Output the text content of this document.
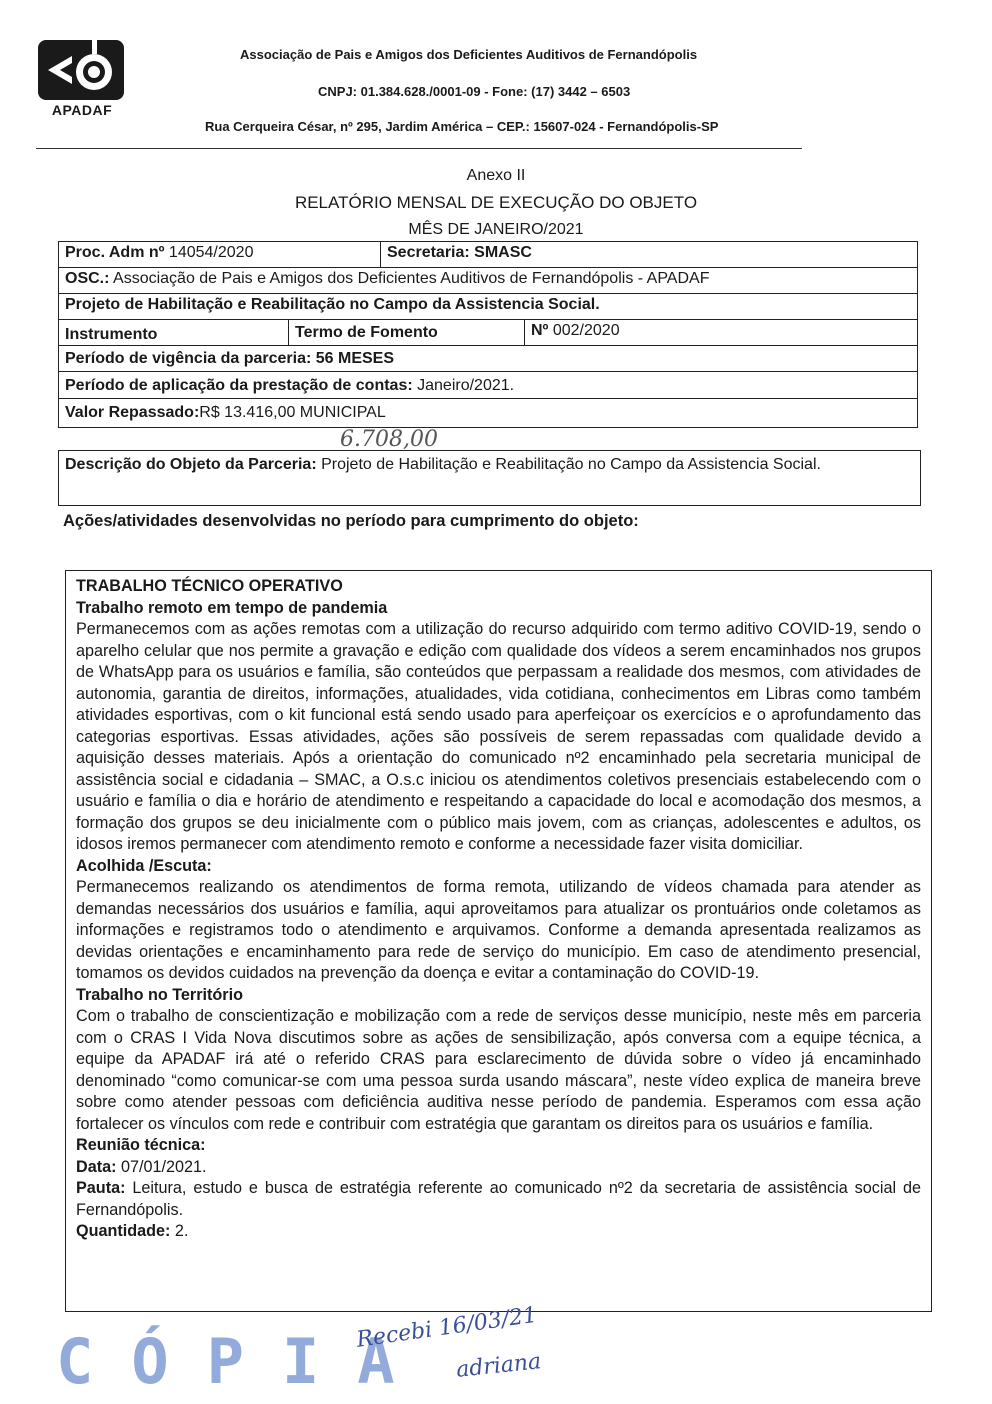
APADAF
Associação de Pais e Amigos dos Deficientes Auditivos de Fernandópolis
CNPJ: 01.384.628./0001-09 - Fone: (17) 3442 – 6503
Rua Cerqueira César, nº 295, Jardim América – CEP.: 15607-024 - Fernandópolis-SP
Anexo II
RELATÓRIO MENSAL DE EXECUÇÃO DO OBJETO
MÊS DE JANEIRO/2021
Proc. Adm nº 14054/2020	Secretaria: SMASC
OSC.: Associação de Pais e Amigos dos Deficientes Auditivos de Fernandópolis - APADAF
Projeto de Habilitação e Reabilitação no Campo da Assistencia Social.
Instrumento	Termo de Fomento	Nº 002/2020
Período de vigência da parceria: 56 MESES
Período de aplicação da prestação de contas: Janeiro/2021.
Valor Repassado:R$ 13.416,00 MUNICIPAL
6.708,00
Descrição do Objeto da Parceria: Projeto de Habilitação e Reabilitação no Campo da Assistencia Social.
Ações/atividades desenvolvidas no período para cumprimento do objeto:

TRABALHO TÉCNICO OPERATIVO

Trabalho remoto em tempo de pandemia

Permanecemos com as ações remotas com a utilização do recurso adquirido com termo aditivo COVID-19, sendo o aparelho celular que nos permite a gravação e edição com qualidade dos vídeos a serem encaminhados nos grupos de WhatsApp para os usuários e família, são conteúdos que perpassam a realidade dos mesmos, com atividades de autonomia, garantia de direitos, informações, atualidades, vida cotidiana, conhecimentos em Libras como também atividades esportivas, com o kit funcional está sendo usado para aperfeiçoar os exercícios e o aprofundamento das categorias esportivas. Essas atividades, ações são possíveis de serem repassadas com qualidade devido a aquisição desses materiais. Após a orientação do comunicado nº2 encaminhado pela secretaria municipal de assistência social e cidadania – SMAC, a O.s.c iniciou os atendimentos coletivos presenciais estabelecendo com o usuário e família o dia e horário de atendimento e respeitando a capacidade do local e acomodação dos mesmos, a formação dos grupos se deu inicialmente com o público mais jovem, com as crianças, adolescentes e adultos, os idosos iremos permanecer com atendimento remoto e conforme a necessidade fazer visita domiciliar.

Acolhida /Escuta:

Permanecemos realizando os atendimentos de forma remota, utilizando de vídeos chamada para atender as demandas necessários dos usuários e família, aqui aproveitamos para atualizar os prontuários onde coletamos as informações e registramos todo o atendimento e arquivamos. Conforme a demanda apresentada realizamos as devidas orientações e encaminhamento para rede de serviço do município. Em caso de atendimento presencial, tomamos os devidos cuidados na prevenção da doença e evitar a contaminação do COVID-19.

Trabalho no Território

Com o trabalho de conscientização e mobilização com a rede de serviços desse município, neste mês em parceria com o CRAS I Vida Nova discutimos sobre as ações de sensibilização, após conversa com a equipe técnica, a equipe da APADAF irá até o referido CRAS para esclarecimento de dúvida sobre o vídeo já encaminhado denominado “como comunicar-se com uma pessoa surda usando máscara”, neste vídeo explica de maneira breve sobre como atender pessoas com deficiência auditiva nesse período de pandemia. Esperamos com essa ação fortalecer os vínculos com rede e contribuir com estratégia que garantam os direitos para os usuários e família.

Reunião técnica:

Data: 07/01/2021.

Pauta: Leitura, estudo e busca de estratégia referente ao comunicado nº2 da secretaria de assistência social de Fernandópolis.

Quantidade: 2.

CÓPIA
Recebi 16/03/21
adriana
